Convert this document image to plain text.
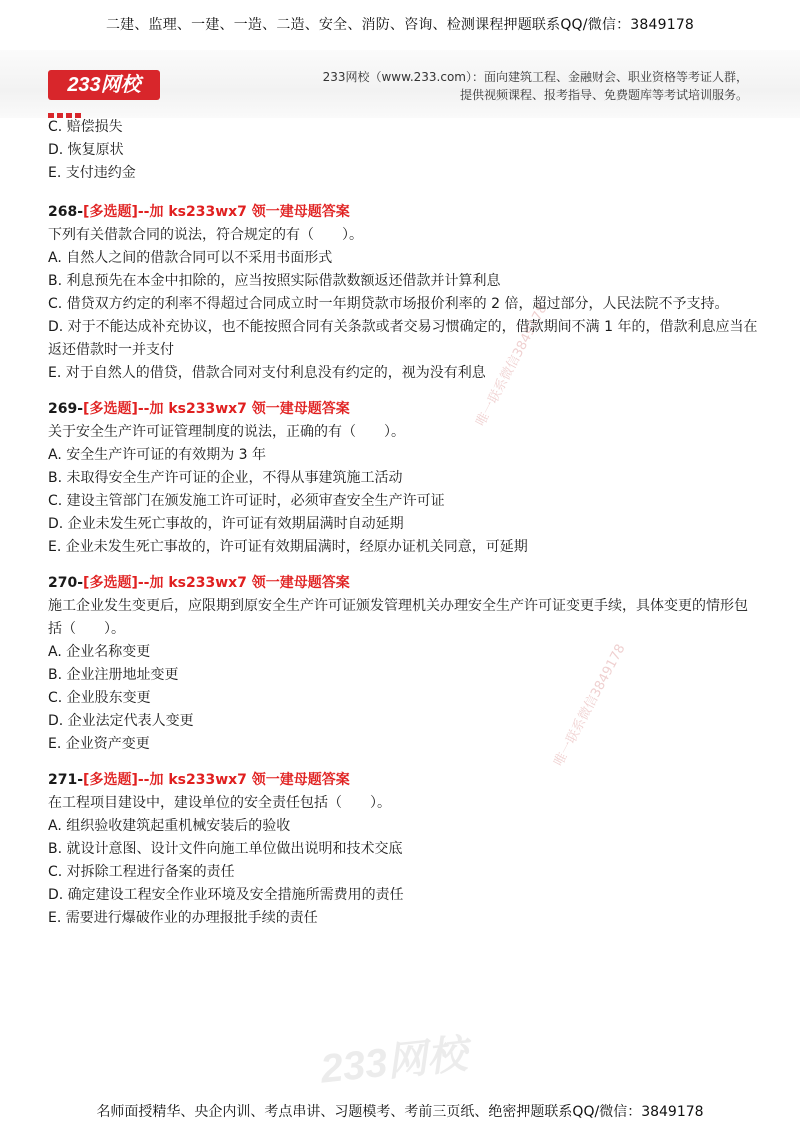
二建、监理、一建、一造、二造、安全、消防、咨询、检测课程押题联系QQ/微信：3849178
233网校	233网校（www.233.com）：面向建筑工程、金融财会、职业资格等考证人群，
提供视频课程、报考指导、免费题库等考试培训服务。
唯一联系微信3849178
唯一联系微信3849178

C. 赔偿损失

D. 恢复原状

E. 支付违约金

268-[多选题]--加 ks233wx7 领一建母题答案

下列有关借款合同的说法，符合规定的有（　　）。

A. 自然人之间的借款合同可以不采用书面形式

B. 利息预先在本金中扣除的，应当按照实际借款数额返还借款并计算利息

C. 借贷双方约定的利率不得超过合同成立时一年期贷款市场报价利率的 2 倍，超过部分，人民法院不予支持。

D. 对于不能达成补充协议，也不能按照合同有关条款或者交易习惯确定的，借款期间不满 1 年的，借款利息应当在返还借款时一并支付

E. 对于自然人的借贷，借款合同对支付利息没有约定的，视为没有利息

269-[多选题]--加 ks233wx7 领一建母题答案

关于安全生产许可证管理制度的说法，正确的有（　　）。

A. 安全生产许可证的有效期为 3 年

B. 未取得安全生产许可证的企业，不得从事建筑施工活动

C. 建设主管部门在颁发施工许可证时，必须审查安全生产许可证

D. 企业未发生死亡事故的，许可证有效期届满时自动延期

E. 企业未发生死亡事故的，许可证有效期届满时，经原办证机关同意，可延期

270-[多选题]--加 ks233wx7 领一建母题答案

施工企业发生变更后，应限期到原安全生产许可证颁发管理机关办理安全生产许可证变更手续，具体变更的情形包括（　　）。

A. 企业名称变更

B. 企业注册地址变更

C. 企业股东变更

D. 企业法定代表人变更

E. 企业资产变更

271-[多选题]--加 ks233wx7 领一建母题答案

在工程项目建设中，建设单位的安全责任包括（　　）。

A. 组织验收建筑起重机械安装后的验收

B. 就设计意图、设计文件向施工单位做出说明和技术交底

C. 对拆除工程进行备案的责任

D. 确定建设工程安全作业环境及安全措施所需费用的责任

E. 需要进行爆破作业的办理报批手续的责任

233网校
名师面授精华、央企内训、考点串讲、习题模考、考前三页纸、绝密押题联系QQ/微信：3849178
